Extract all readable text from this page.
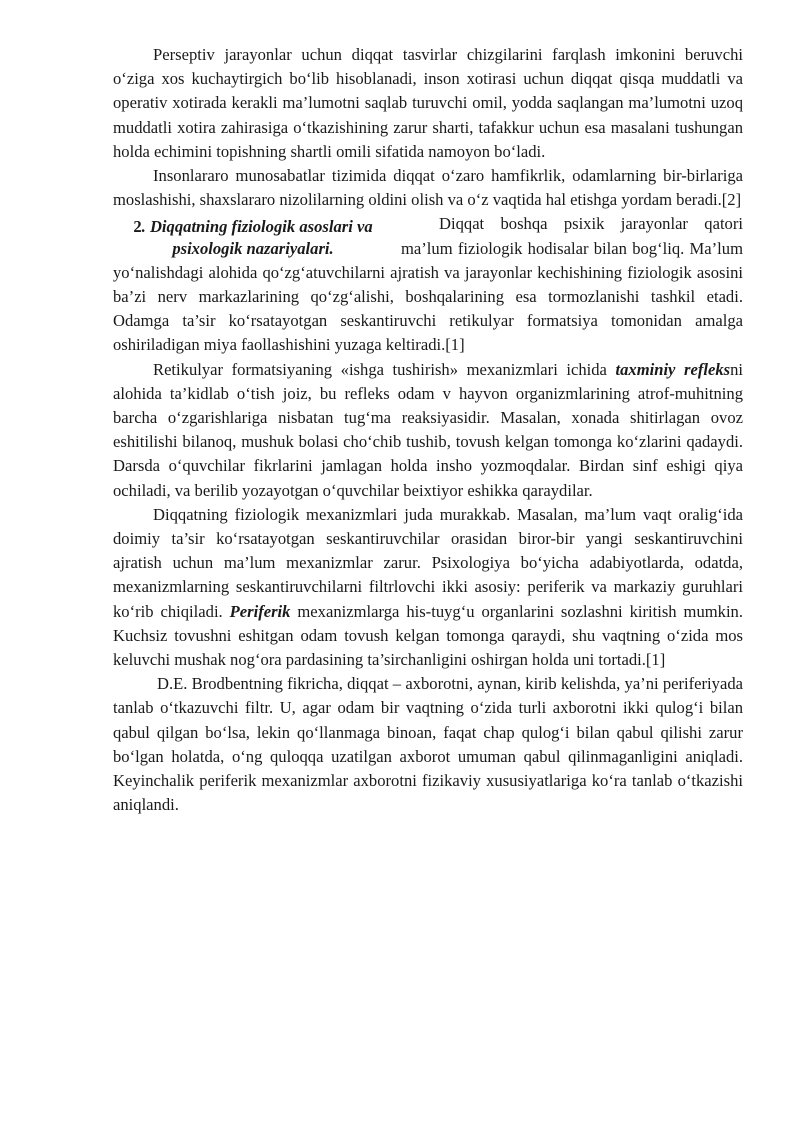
Perseptiv jarayonlar uchun diqqat tasvirlar chizgilarini farqlash imkonini beruvchi o‘ziga xos kuchaytirgich bo‘lib hisoblanadi, inson xotirasi uchun diqqat qisqa muddatli va operativ xotirada kerakli ma’lumotni saqlab turuvchi omil, yodda saqlangan ma’lumotni uzoq muddatli xotira zahirasiga o‘tkazishining zarur sharti, tafakkur uchun esa masalani tushungan holda echimini topishning shartli omili sifatida namoyon bo‘ladi.

Insonlararo munosabatlar tizimida diqqat o‘zaro hamfikrlik, odamlarning bir-birlariga moslashishi, shaxslararo nizolilarning oldini olish va o‘z vaqtida hal etishga yordam beradi.[2]

2. Diqqatning fiziologik asoslari va psixologik nazariyalari.

Diqqat boshqa psixik jarayonlar qatori ma’lum fiziologik hodisalar bilan bog‘liq. Ma’lum yo‘nalishdagi alohida qo‘zg‘atuvchilarni ajratish va jarayonlar kechishining fiziologik asosini ba’zi nerv markazlarining qo‘zg‘alishi, boshqalarining esa tormozlanishi tashkil etadi. Odamga ta’sir ko‘rsatayotgan seskantiruvchi retikulyar formatsiya tomonidan amalga oshiriladigan miya faollashishini yuzaga keltiradi.[1]

Retikulyar formatsiyaning «ishga tushirish» mexanizmlari ichida taxminiy refleksni alohida ta’kidlab o‘tish joiz, bu refleks odam v hayvon organizmlarining atrof-muhitning barcha o‘zgarishlariga nisbatan tug‘ma reaksiyasidir. Masalan, xonada shitirlagan ovoz eshitilishi bilanoq, mushuk bolasi cho‘chib tushib, tovush kelgan tomonga ko‘zlarini qadaydi. Darsda o‘quvchilar fikrlarini jamlagan holda insho yozmoqdalar. Birdan sinf eshigi qiya ochiladi, va berilib yozayotgan o‘quvchilar beixtiyor eshikka qaraydilar.

Diqqatning fiziologik mexanizmlari juda murakkab. Masalan, ma’lum vaqt oralig‘ida doimiy ta’sir ko‘rsatayotgan seskantiruvchilar orasidan biror-bir yangi seskantiruvchini ajratish uchun ma’lum mexanizmlar zarur. Psixologiya bo‘yicha adabiyotlarda, odatda, mexanizmlarning seskantiruvchilarni filtrlovchi ikki asosiy: periferik va markaziy guruhlari ko‘rib chiqiladi. Periferik mexanizmlarga his-tuyg‘u organlarini sozlashni kiritish mumkin. Kuchsiz tovushni eshitgan odam tovush kelgan tomonga qaraydi, shu vaqtning o‘zida mos keluvchi mushak nog‘ora pardasining ta’sirchanligini oshirgan holda uni tortadi.[1]

D.E. Brodbentning fikricha, diqqat – axborotni, aynan, kirib kelishda, ya’ni periferiyada tanlab o‘tkazuvchi filtr. U, agar odam bir vaqtning o‘zida turli axborotni ikki qulog‘i bilan qabul qilgan bo‘lsa, lekin qo‘llanmaga binoan, faqat chap qulog‘i bilan qabul qilishi zarur bo‘lgan holatda, o‘ng quloqqa uzatilgan axborot umuman qabul qilinmaganligini aniqladi. Keyinchalik periferik mexanizmlar axborotni fizikaviy xususiyatlariga ko‘ra tanlab o‘tkazishi aniqlandi.
